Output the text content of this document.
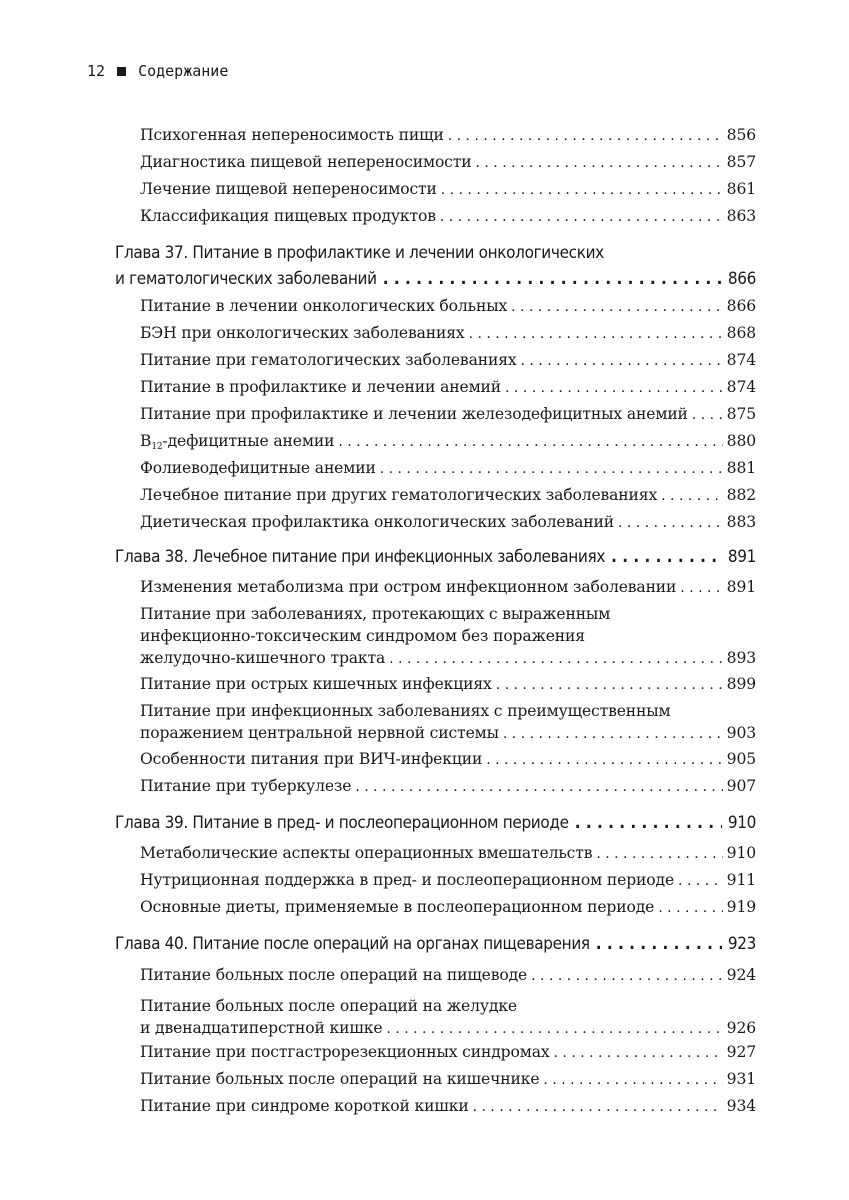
12 Содержание
Психогенная непереносимость пищи . . .	856
Диагностика пищевой непереносимости . . .	857
Лечение пищевой непереносимости . . .	861
Классификация пищевых продуктов . . .	863
Глава 37. Питание в профилактике и лечении онкологических
и гематологических заболеваний . . .	866
Питание в лечении онкологических больных . . .	866
БЭН при онкологических заболеваниях . . .	868
Питание при гематологических заболеваниях . . .	874
Питание в профилактике и лечении анемий . . .	874
Питание при профилактике и лечении железодефицитных анемий . . . 875
$B_{12}$-дефицитные анемии . . .	880
Фолиеводефицитные анемии . . .	881
Лечебное питание при других гематологических заболеваниях . . .	882
Диетическая профилактика онкологических заболеваний . . .	883
Глава 38. Лечебное питание при инфекционных заболеваниях . . .	891
Изменения метаболизма при остром инфекционном заболевании . . .	891
Питание при заболеваниях, протекающих с выраженным
инфекционно-токсическим синдромом без поражения
желудочно-кишечного тракта . . .	893
Питание при острых кишечных инфекциях . . .	899
Питание при инфекционных заболеваниях с преимущественным
поражением центральной нервной системы . . .	903
Особенности питания при ВИЧ-инфекции . . .	905
Питание при туберкулезе . . .	907
Глава 39. Питание в пред- и послеоперационном периоде . . .	910
Метаболические аспекты операционных вмешательств . . .	910
Нутриционная поддержка в пред- и послеоперационном периоде . . .	911
Основные диеты, применяемые в послеоперационном периоде . . .	919
Глава 40. Питание после операций на органах пищеварения . . .	923
Питание больных после операций на пищеводе . . .	924
Питание больных после операций на желудке
и двенадцатиперстной кишке . . .	926
Питание при постгастрорезекционных синдромах . . .	927
Питание больных после операций на кишечнике . . .	931
Питание при синдроме короткой кишки . . .	934
